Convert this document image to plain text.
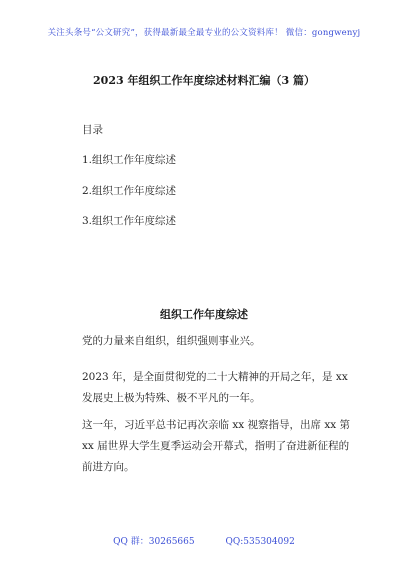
关注头条号“公文研究”，获得最新最全最专业的公文资料库！ 微信：gongwenyj
2023 年组织工作年度综述材料汇编（3 篇）
目录
1.组织工作年度综述
2.组织工作年度综述
3.组织工作年度综述
组织工作年度综述
党的力量来自组织，组织强则事业兴。
2023 年，是全面贯彻党的二十大精神的开局之年，是 xx 发展史上极为特殊、极不平凡的一年。
这一年，习近平总书记再次亲临 xx 视察指导，出席 xx 第 xx 届世界大学生夏季运动会开幕式，指明了奋进新征程的前进方向。
QQ 群：30265665	QQ:535304092
